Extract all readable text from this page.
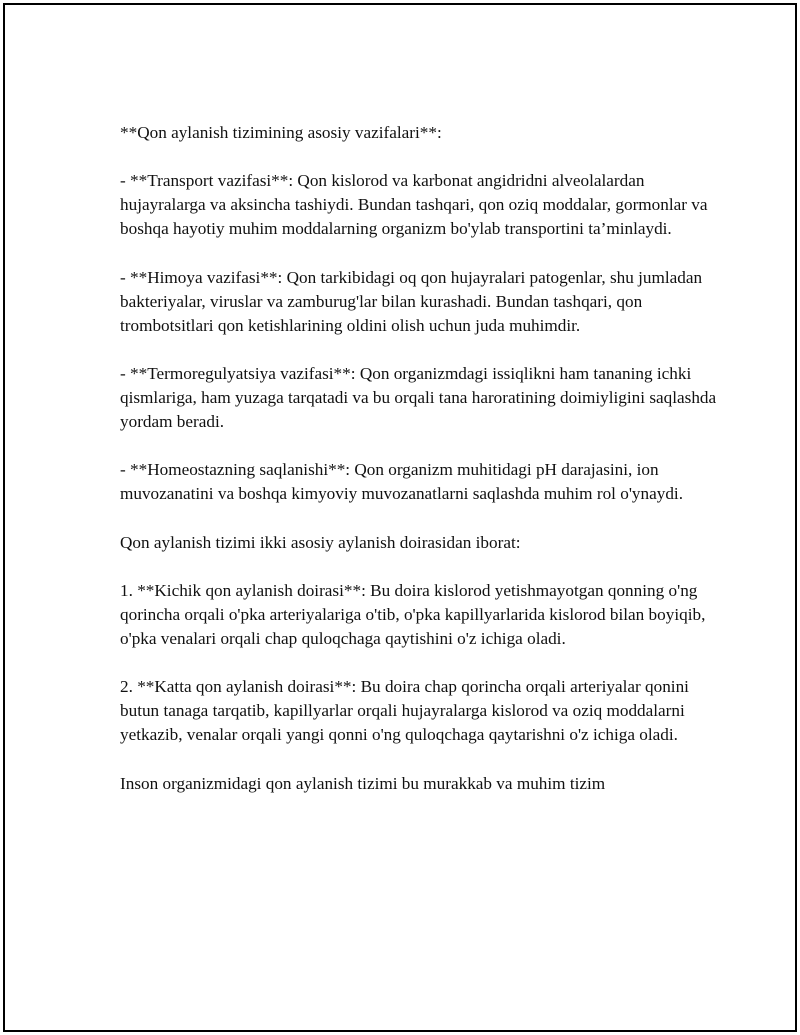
**Qon aylanish tizimining asosiy vazifalari**:

- **Transport vazifasi**: Qon kislorod va karbonat angidridni alveolalardan hujayralarga va aksincha tashiydi. Bundan tashqari, qon oziq moddalar, gormonlar va boshqa hayotiy muhim moddalarning organizm bo'ylab transportini ta’minlaydi.

- **Himoya vazifasi**: Qon tarkibidagi oq qon hujayralari patogenlar, shu jumladan bakteriyalar, viruslar va zamburug'lar bilan kurashadi. Bundan tashqari, qon trombotsitlari qon ketishlarining oldini olish uchun juda muhimdir.

- **Termoregulyatsiya vazifasi**: Qon organizmdagi issiqlikni ham tananing ichki qismlariga, ham yuzaga tarqatadi va bu orqali tana haroratining doimiyligini saqlashda yordam beradi.

- **Homeostazning saqlanishi**: Qon organizm muhitidagi pH darajasini, ion muvozanatini va boshqa kimyoviy muvozanatlarni saqlashda muhim rol o'ynaydi.

Qon aylanish tizimi ikki asosiy aylanish doirasidan iborat:

1. **Kichik qon aylanish doirasi**: Bu doira kislorod yetishmayotgan qonning o'ng qorincha orqali o'pka arteriyalariga o'tib, o'pka kapillyarlarida kislorod bilan boyiqib, o'pka venalari orqali chap quloqchaga qaytishini o'z ichiga oladi.

2. **Katta qon aylanish doirasi**: Bu doira chap qorincha orqali arteriyalar qonini butun tanaga tarqatib, kapillyarlar orqali hujayralarga kislorod va oziq moddalarni yetkazib, venalar orqali yangi qonni o'ng quloqchaga qaytarishni o'z ichiga oladi.

Inson organizmidagi qon aylanish tizimi bu murakkab va muhim tizim
